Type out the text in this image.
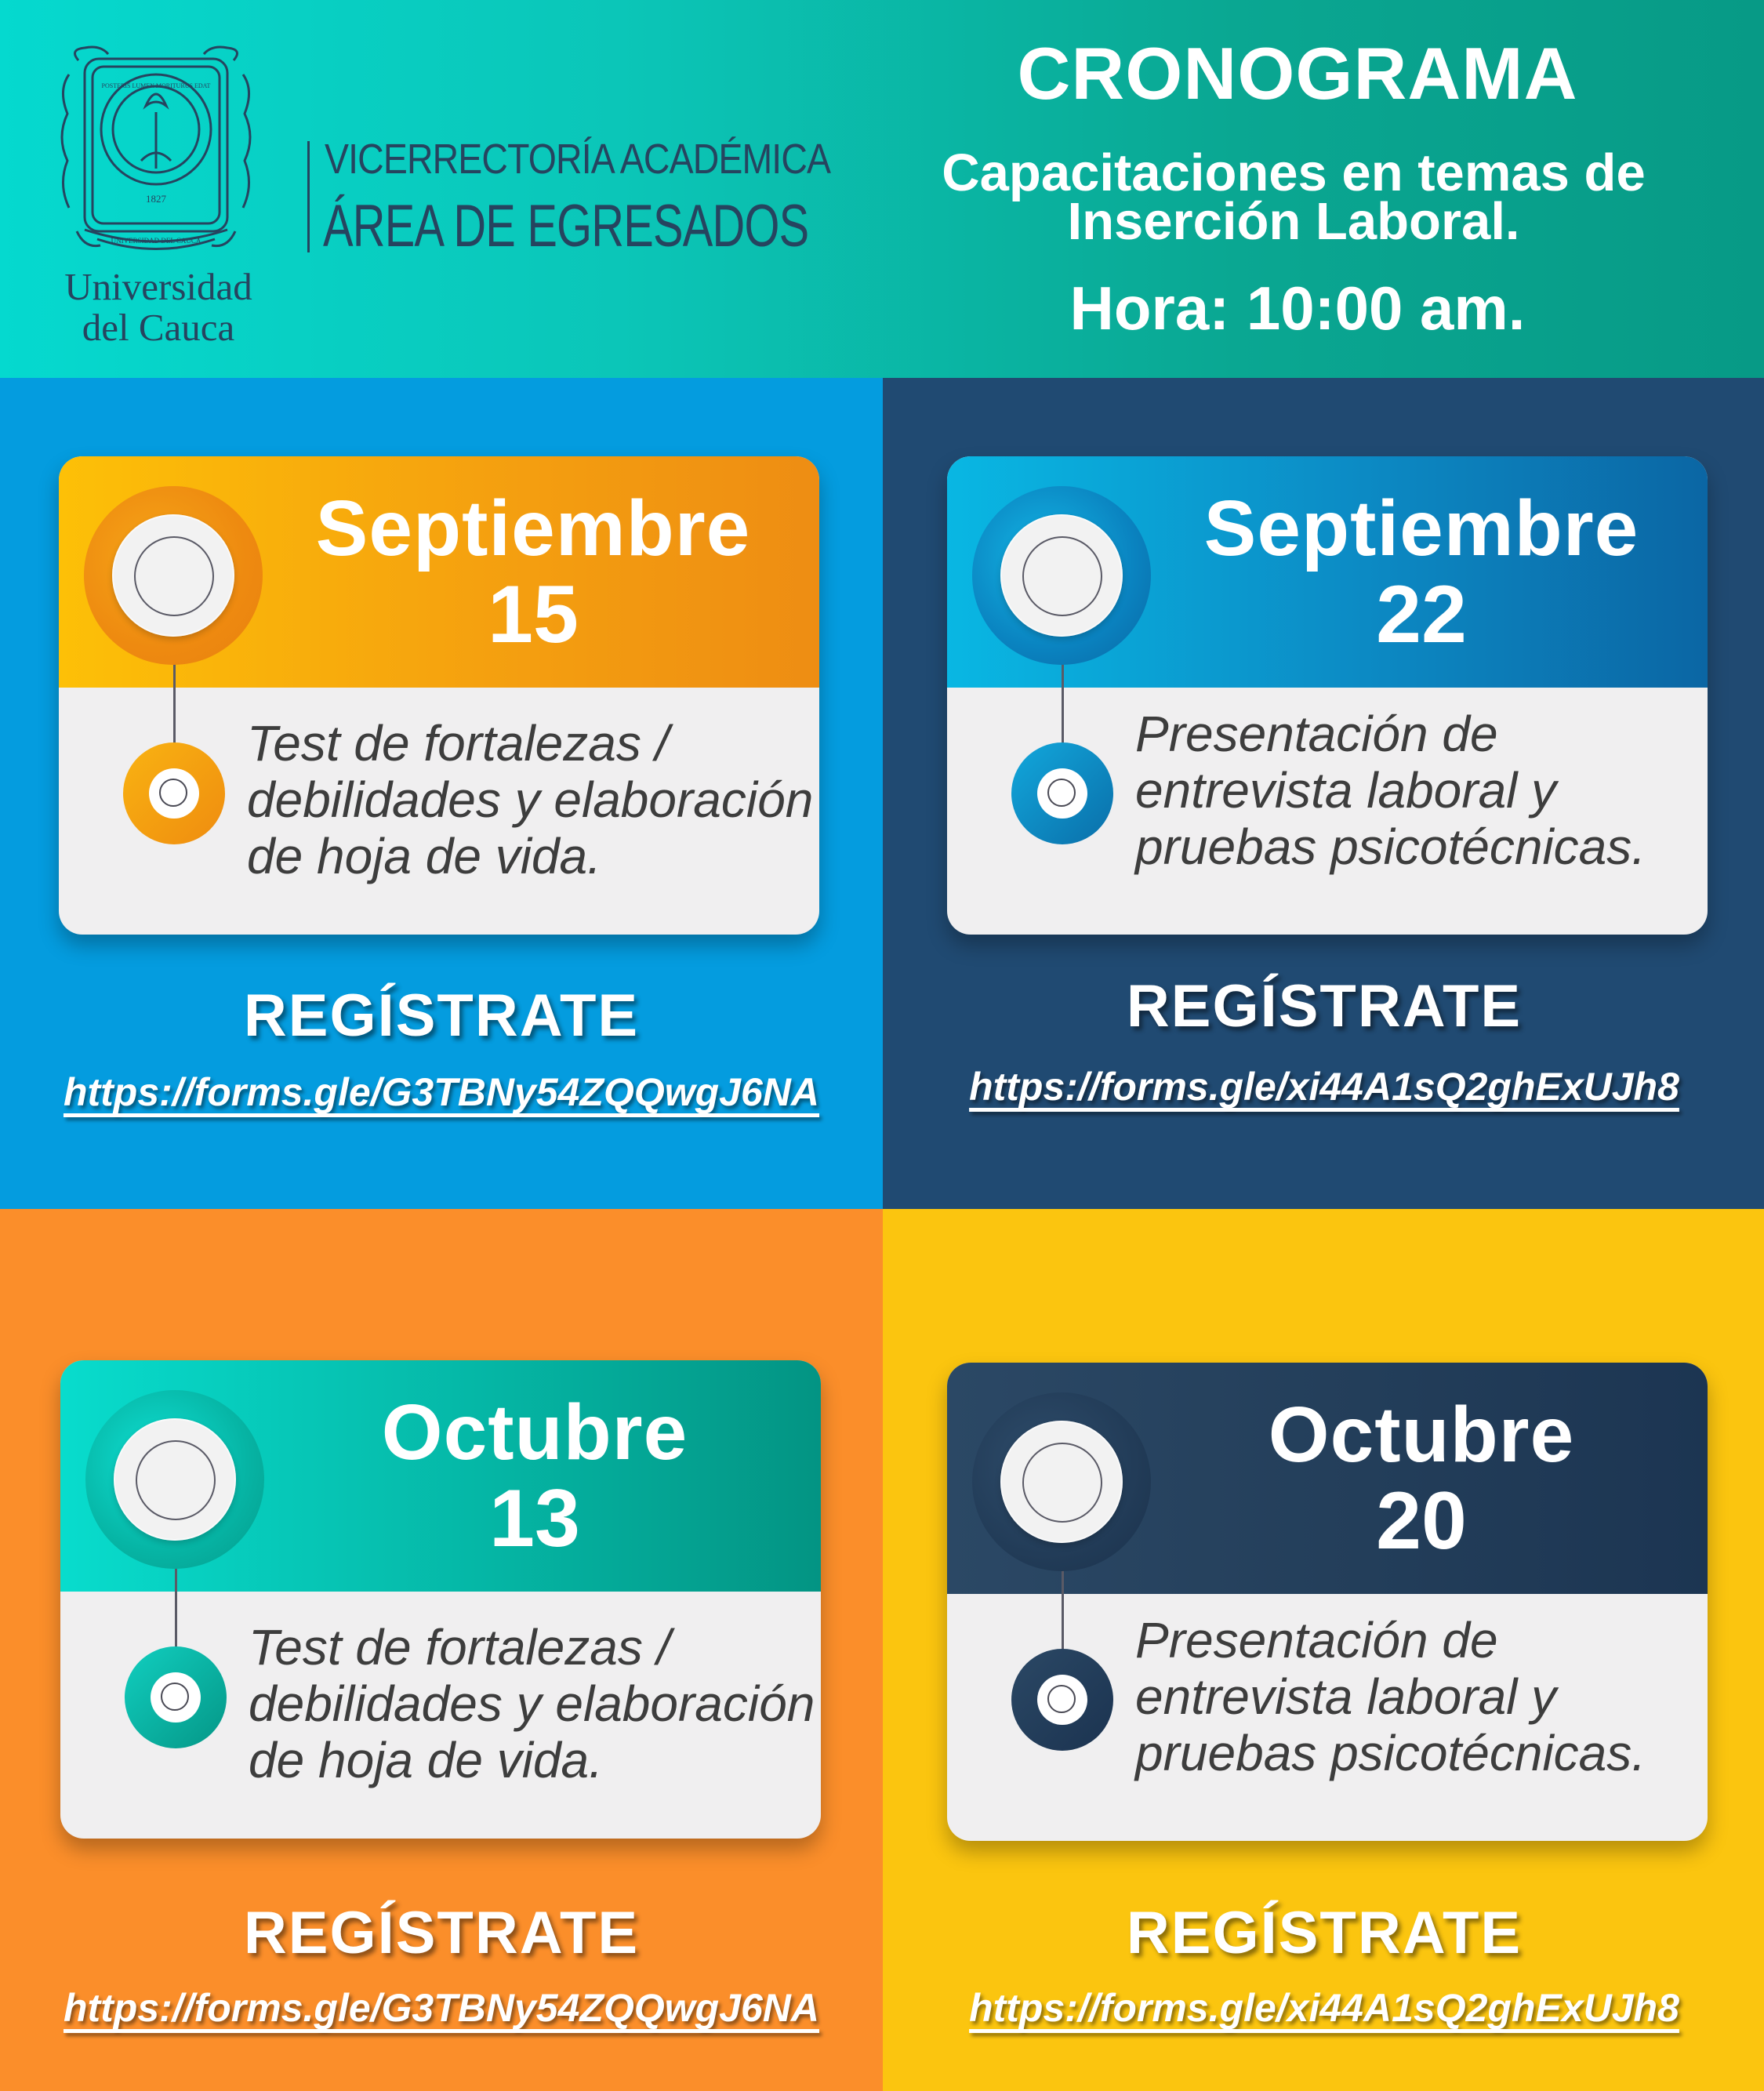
1827
POSTERIS LUMEN MORITURUS EDAT
UNIVERSIDAD DEL CAUCA
Universidad
del Cauca
VICERRECTORÍA ACADÉMICA
ÁREA DE EGRESADOS
CRONOGRAMA
Capacitaciones en temas de
Inserción Laboral.
Hora: 10:00 am.
Septiembre
15
Test de fortalezas /
debilidades y elaboración
de hoja de vida.
REGÍSTRATE
https://forms.gle/G3TBNy54ZQQwgJ6NA
Septiembre
22
Presentación de
entrevista laboral y
pruebas psicotécnicas.
REGÍSTRATE
https://forms.gle/xi44A1sQ2ghExUJh8
Octubre
13
Test de fortalezas /
debilidades y elaboración
de hoja de vida.
REGÍSTRATE
https://forms.gle/G3TBNy54ZQQwgJ6NA
Octubre
20
Presentación de
entrevista laboral y
pruebas psicotécnicas.
REGÍSTRATE
https://forms.gle/xi44A1sQ2ghExUJh8
